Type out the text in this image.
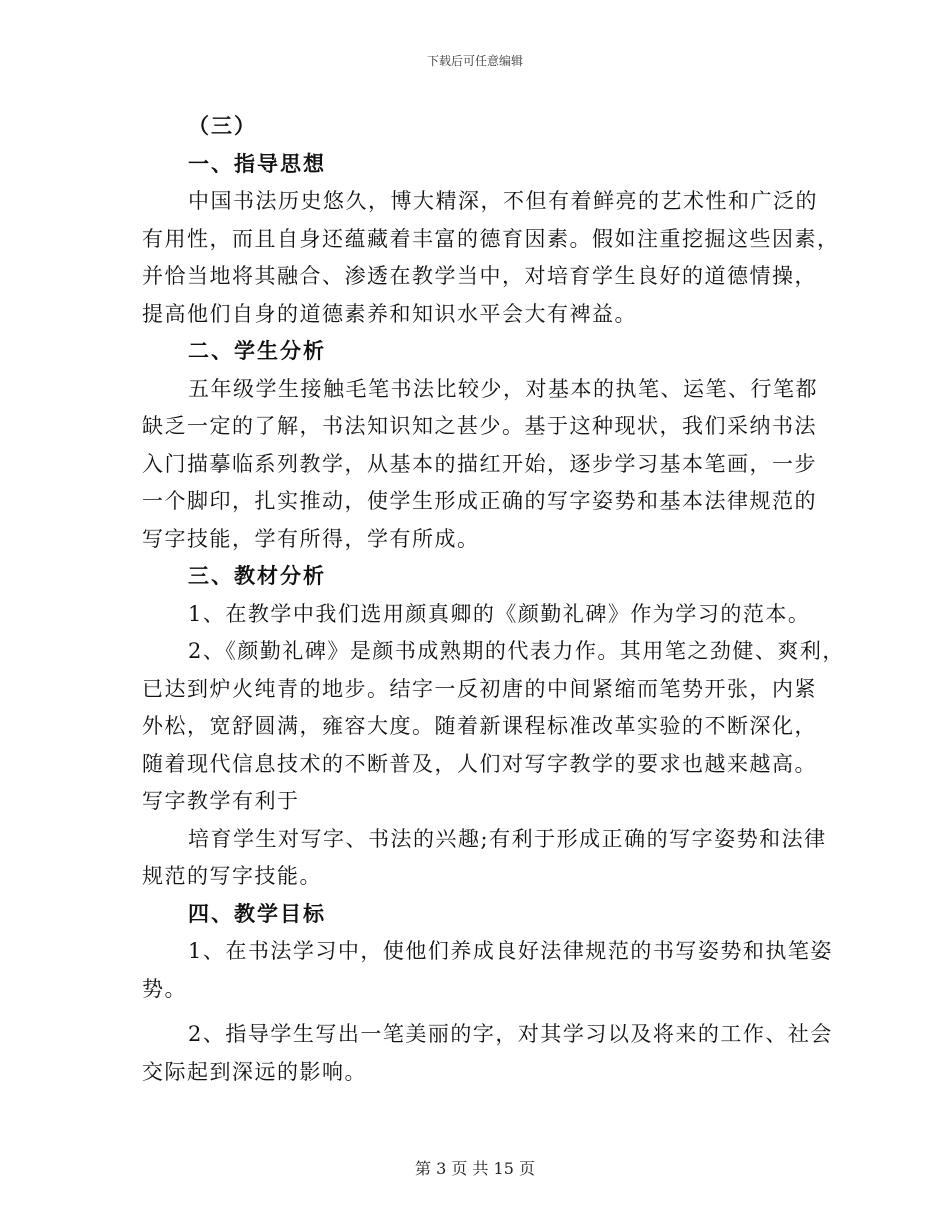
下载后可任意编辑
（三）
一、指导思想
中国书法历史悠久，博大精深，不但有着鲜亮的艺术性和广泛的
有用性，而且自身还蕴藏着丰富的德育因素。假如注重挖掘这些因素，
并恰当地将其融合、渗透在教学当中，对培育学生良好的道德情操，
提高他们自身的道德素养和知识水平会大有裨益。
二、学生分析
五年级学生接触毛笔书法比较少，对基本的执笔、运笔、行笔都
缺乏一定的了解，书法知识知之甚少。基于这种现状，我们采纳书法
入门描摹临系列教学，从基本的描红开始，逐步学习基本笔画，一步
一个脚印，扎实推动，使学生形成正确的写字姿势和基本法律规范的
写字技能，学有所得，学有所成。
三、教材分析
1、在教学中我们选用颜真卿的《颜勤礼碑》作为学习的范本。
2、《颜勤礼碑》是颜书成熟期的代表力作。其用笔之劲健、爽利，
已达到炉火纯青的地步。结字一反初唐的中间紧缩而笔势开张，内紧
外松，宽舒圆满，雍容大度。随着新课程标准改革实验的不断深化，
随着现代信息技术的不断普及，人们对写字教学的要求也越来越高。
写字教学有利于
培育学生对写字、书法的兴趣;有利于形成正确的写字姿势和法律
规范的写字技能。
四、教学目标
1、在书法学习中，使他们养成良好法律规范的书写姿势和执笔姿
势。
2、指导学生写出一笔美丽的字，对其学习以及将来的工作、社会
交际起到深远的影响。
第 3 页 共 15 页
